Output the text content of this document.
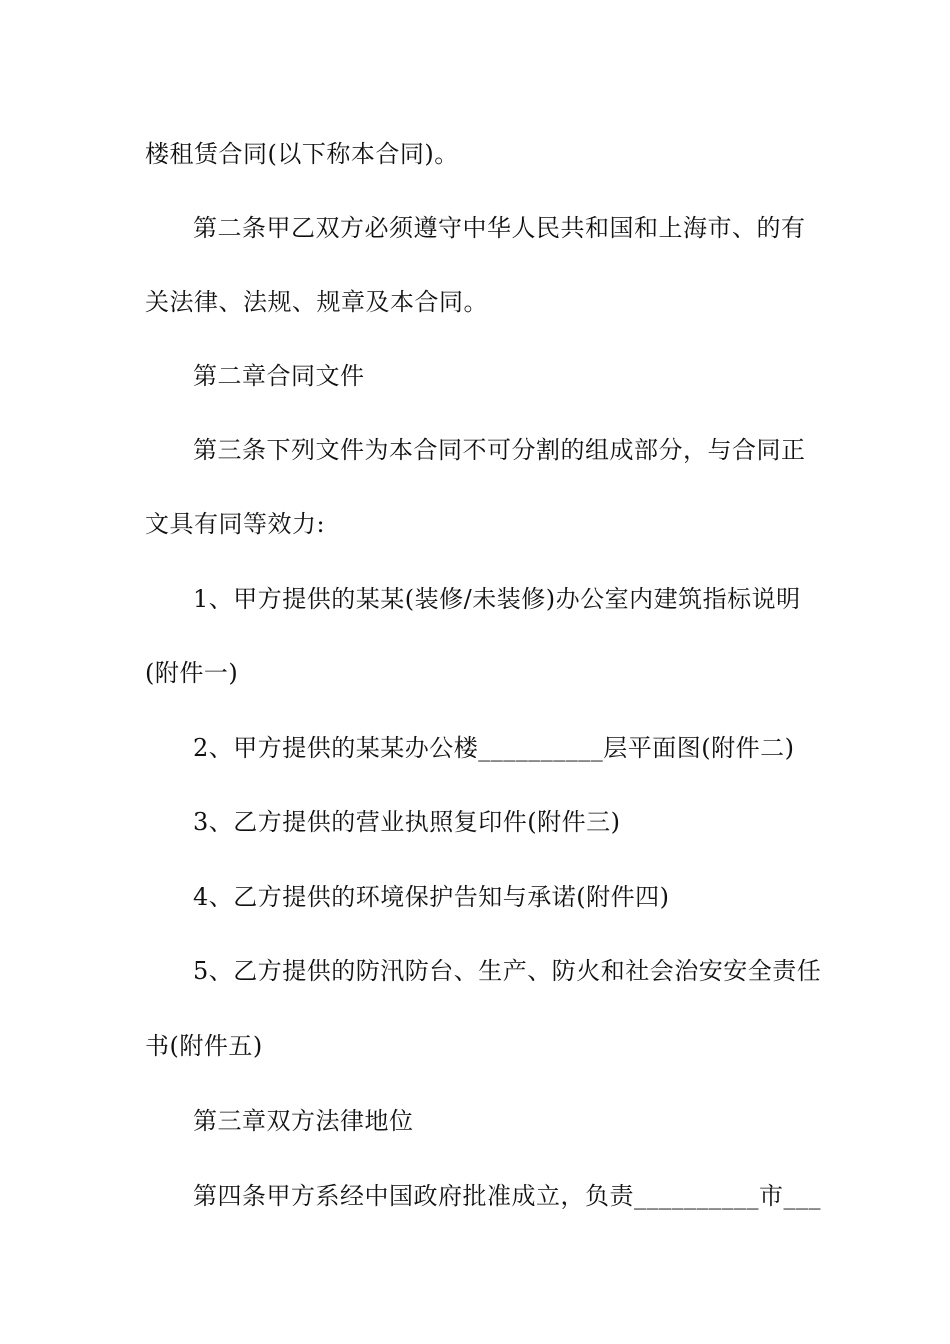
楼租赁合同(以下称本合同)。
第二条甲乙双方必须遵守中华人民共和国和上海市、的有
关法律、法规、规章及本合同。
第二章合同文件
第三条下列文件为本合同不可分割的组成部分，与合同正
文具有同等效力:
1、甲方提供的某某(装修/未装修)办公室内建筑指标说明
(附件一)
2、甲方提供的某某办公楼__________层平面图(附件二)
3、乙方提供的营业执照复印件(附件三)
4、乙方提供的环境保护告知与承诺(附件四)
5、乙方提供的防汛防台、生产、防火和社会治安安全责任
书(附件五)
第三章双方法律地位
第四条甲方系经中国政府批准成立，负责__________市___
